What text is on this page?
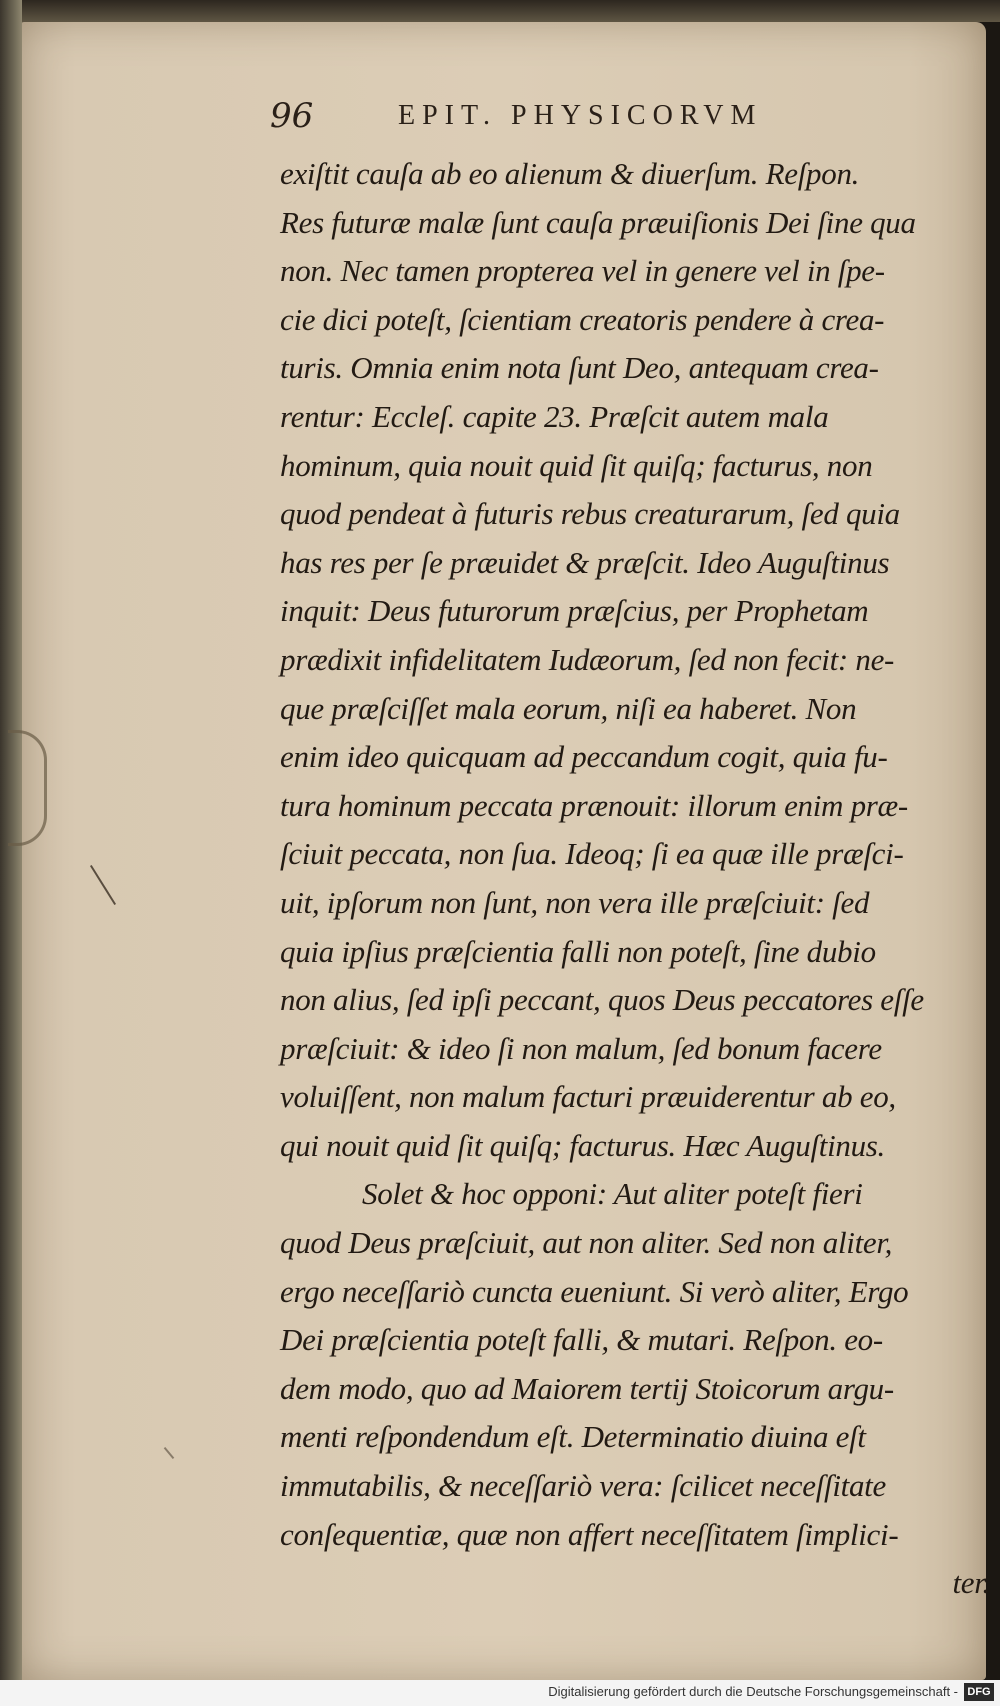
96	EPIT. PHYSICORVM
exiſtit cauſa ab eo alienum & diuerſum. Reſpon.
Res futuræ malæ ſunt cauſa præuiſionis Dei ſine qua
non. Nec tamen propterea vel in genere vel in ſpe-
cie dici poteſt, ſcientiam creatoris pendere à crea-
turis. Omnia enim nota ſunt Deo, antequam crea-
rentur: Eccleſ. capite 23. Præſcit autem mala
hominum, quia nouit quid ſit quiſq; facturus, non
quod pendeat à futuris rebus creaturarum, ſed quia
has res per ſe præuidet & præſcit. Ideo Auguſtinus
inquit: Deus futurorum præſcius, per Prophetam
prædixit infidelitatem Iudæorum, ſed non fecit: ne-
que præſciſſet mala eorum, niſi ea haberet. Non
enim ideo quicquam ad peccandum cogit, quia fu-
tura hominum peccata prænouit: illorum enim præ-
ſciuit peccata, non ſua. Ideoq; ſi ea quæ ille præſci-
uit, ipſorum non ſunt, non vera ille præſciuit: ſed
quia ipſius præſcientia falli non poteſt, ſine dubio
non alius, ſed ipſi peccant, quos Deus peccatores eſſe
præſciuit: & ideo ſi non malum, ſed bonum facere
voluiſſent, non malum facturi præuiderentur ab eo,
qui nouit quid ſit quiſq; facturus. Hæc Auguſtinus.
Solet & hoc opponi: Aut aliter poteſt fieri
quod Deus præſciuit, aut non aliter. Sed non aliter,
ergo neceſſariò cuncta eueniunt. Si verò aliter, Ergo
Dei præſcientia poteſt falli, & mutari. Reſpon. eo-
dem modo, quo ad Maiorem tertij Stoicorum argu-
menti reſpondendum eſt. Determinatio diuina eſt
immutabilis, & neceſſariò vera: ſcilicet neceſſitate
conſequentiæ, quæ non affert neceſſitatem ſimplici-
ter.
Digitalisierung gefördert durch die Deutsche Forschungsgemeinschaft - DFG
